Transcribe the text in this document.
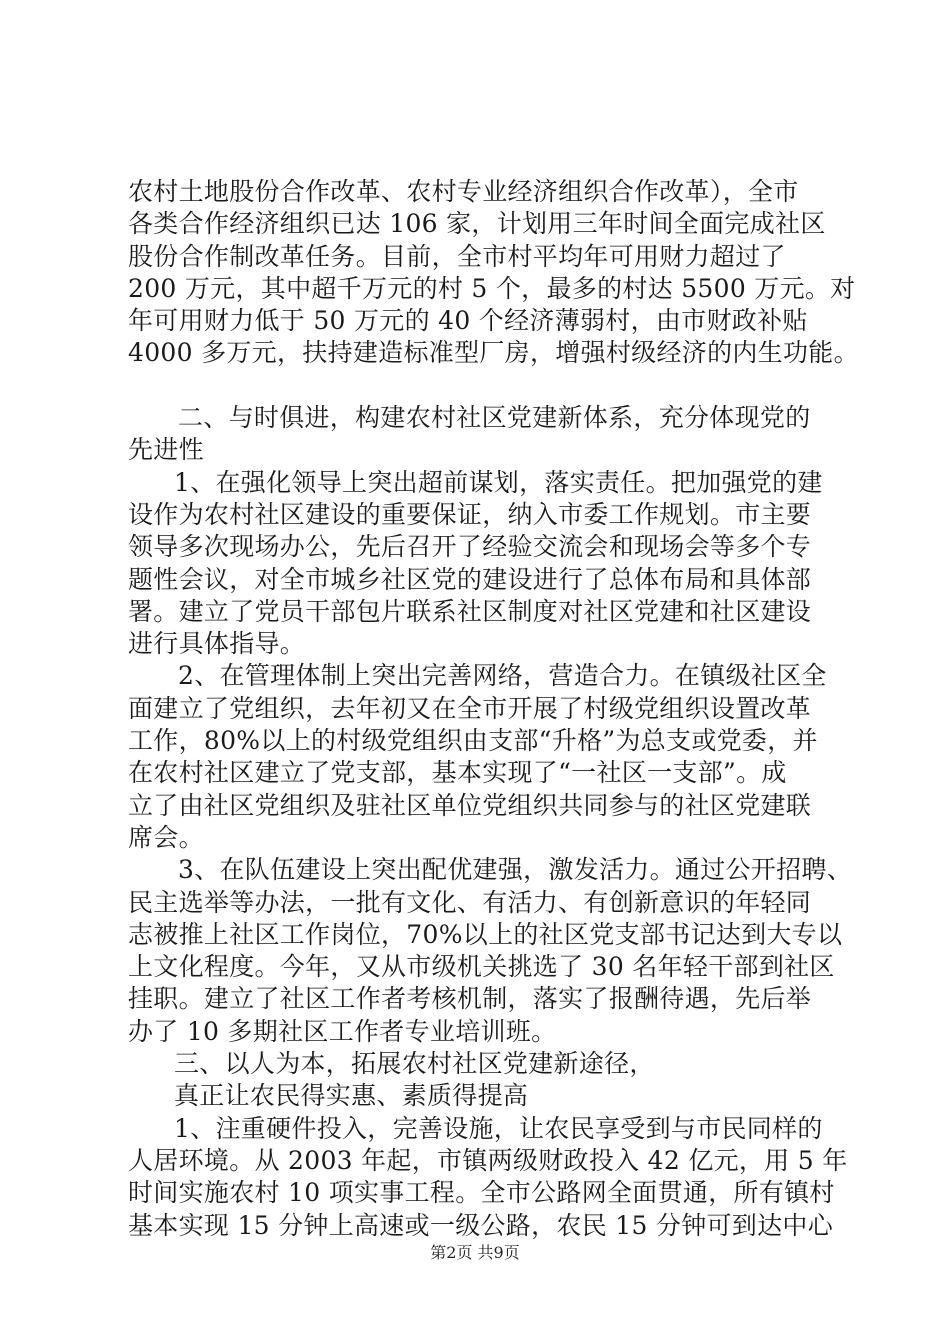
农村土地股份合作改革、农村专业经济组织合作改革），全市
各类合作经济组织已达 106 家，计划用三年时间全面完成社区
股份合作制改革任务。目前，全市村平均年可用财力超过了
200 万元，其中超千万元的村 5 个，最多的村达 5500 万元。对
年可用财力低于 50 万元的 40 个经济薄弱村，由市财政补贴
4000 多万元，扶持建造标准型厂房，增强村级经济的内生功能。
二、与时俱进，构建农村社区党建新体系，充分体现党的
先进性
1、在强化领导上突出超前谋划，落实责任。把加强党的建
设作为农村社区建设的重要保证，纳入市委工作规划。市主要
领导多次现场办公，先后召开了经验交流会和现场会等多个专
题性会议，对全市城乡社区党的建设进行了总体布局和具体部
署。建立了党员干部包片联系社区制度对社区党建和社区建设
进行具体指导。
2、在管理体制上突出完善网络，营造合力。在镇级社区全
面建立了党组织，去年初又在全市开展了村级党组织设置改革
工作，80%以上的村级党组织由支部“升格”为总支或党委，并
在农村社区建立了党支部，基本实现了“一社区一支部”。成
立了由社区党组织及驻社区单位党组织共同参与的社区党建联
席会。
3、在队伍建设上突出配优建强，激发活力。通过公开招聘、
民主选举等办法，一批有文化、有活力、有创新意识的年轻同
志被推上社区工作岗位，70%以上的社区党支部书记达到大专以
上文化程度。今年，又从市级机关挑选了 30 名年轻干部到社区
挂职。建立了社区工作者考核机制，落实了报酬待遇，先后举
办了 10 多期社区工作者专业培训班。
三、以人为本，拓展农村社区党建新途径，
真正让农民得实惠、素质得提高
1、注重硬件投入，完善设施，让农民享受到与市民同样的
人居环境。从 2003 年起，市镇两级财政投入 42 亿元，用 5 年
时间实施农村 10 项实事工程。全市公路网全面贯通，所有镇村
基本实现 15 分钟上高速或一级公路，农民 15 分钟可到达中心
第2页 共9页
